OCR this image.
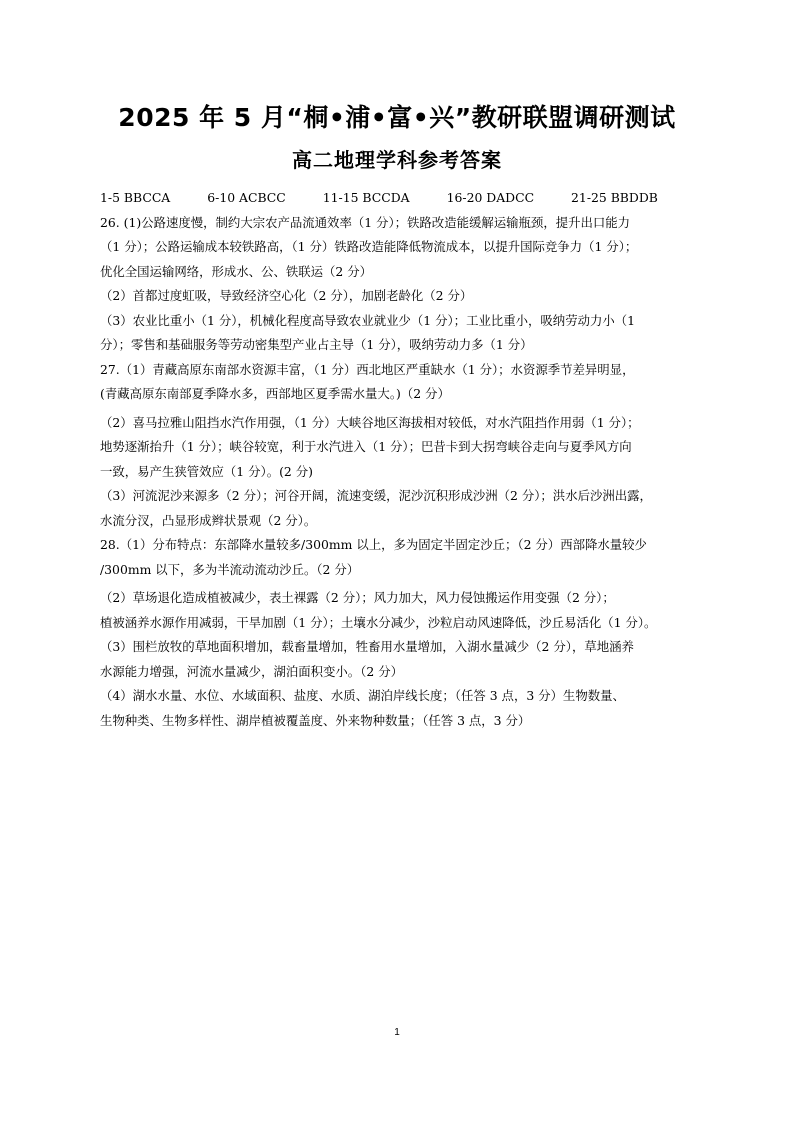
2025 年 5 月“桐•浦•富•兴”教研联盟调研测试
高二地理学科参考答案
1-5 BBCCA	6-10 ACBCC	11-15 BCCDA	16-20 DADCC	21-25 BBDDB
26. (1)公路速度慢，制约大宗农产品流通效率（1 分）；铁路改造能缓解运输瓶颈，提升出口能力
（1 分）；公路运输成本较铁路高，（1 分）铁路改造能降低物流成本，以提升国际竞争力（1 分）；
优化全国运输网络，形成水、公、铁联运（2 分）
（2）首都过度虹吸，导致经济空心化（2 分），加剧老龄化（2 分）
（3）农业比重小（1 分），机械化程度高导致农业就业少（1 分）；工业比重小，吸纳劳动力小（1
分）；零售和基础服务等劳动密集型产业占主导（1 分），吸纳劳动力多（1 分）
27.（1）青藏高原东南部水资源丰富，（1 分）西北地区严重缺水（1 分）；水资源季节差异明显，
(青藏高原东南部夏季降水多，西部地区夏季需水量大。)（2 分）
（2）喜马拉雅山阻挡水汽作用强，（1 分）大峡谷地区海拔相对较低，对水汽阻挡作用弱（1 分）；
地势逐渐抬升（1 分）；峡谷较宽，利于水汽进入（1 分）；巴昔卡到大拐弯峡谷走向与夏季风方向
一致，易产生狭管效应（1 分）。(2 分)
（3）河流泥沙来源多（2 分）；河谷开阔，流速变缓，泥沙沉积形成沙洲（2 分）；洪水后沙洲出露，
水流分汊，凸显形成辫状景观（2 分）。
28.（1）分布特点：东部降水量较多/300mm 以上，多为固定半固定沙丘；（2 分）西部降水量较少
/300mm 以下，多为半流动流动沙丘。（2 分）
（2）草场退化造成植被减少，表土裸露（2 分）；风力加大，风力侵蚀搬运作用变强（2 分）；
植被涵养水源作用减弱，干旱加剧（1 分）；土壤水分减少，沙粒启动风速降低，沙丘易活化（1 分）。
（3）围栏放牧的草地面积增加，载畜量增加，牲畜用水量增加，入湖水量减少（2 分），草地涵养
水源能力增强，河流水量减少，湖泊面积变小。（2 分）
（4）湖水水量、水位、水域面积、盐度、水质、湖泊岸线长度；（任答 3 点，3 分）生物数量、
生物种类、生物多样性、湖岸植被覆盖度、外来物种数量；（任答 3 点，3 分）
1
